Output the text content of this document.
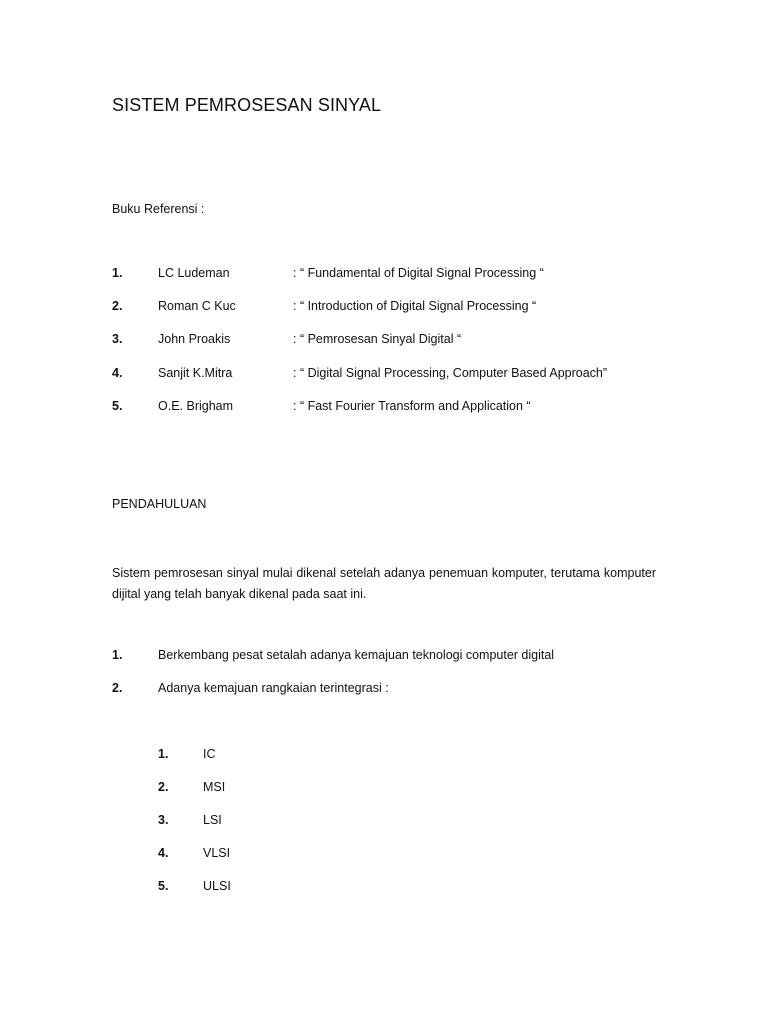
SISTEM PEMROSESAN SINYAL
Buku Referensi :
1.	LC Ludeman	: “ Fundamental of Digital Signal Processing “
2.	Roman C Kuc	: “ Introduction of Digital Signal Processing “
3.	John Proakis	: “ Pemrosesan Sinyal Digital “
4.	Sanjit K.Mitra	: “ Digital Signal Processing, Computer Based Approach”
5.	O.E. Brigham	: “ Fast Fourier Transform and Application “
PENDAHULUAN
Sistem pemrosesan sinyal mulai dikenal setelah adanya penemuan komputer, terutama komputer dijital yang telah banyak dikenal pada saat ini.
1.	Berkembang pesat setalah adanya kemajuan teknologi computer digital
2.	Adanya kemajuan rangkaian terintegrasi :
1.	IC
2.	MSI
3.	LSI
4.	VLSI
5.	ULSI
